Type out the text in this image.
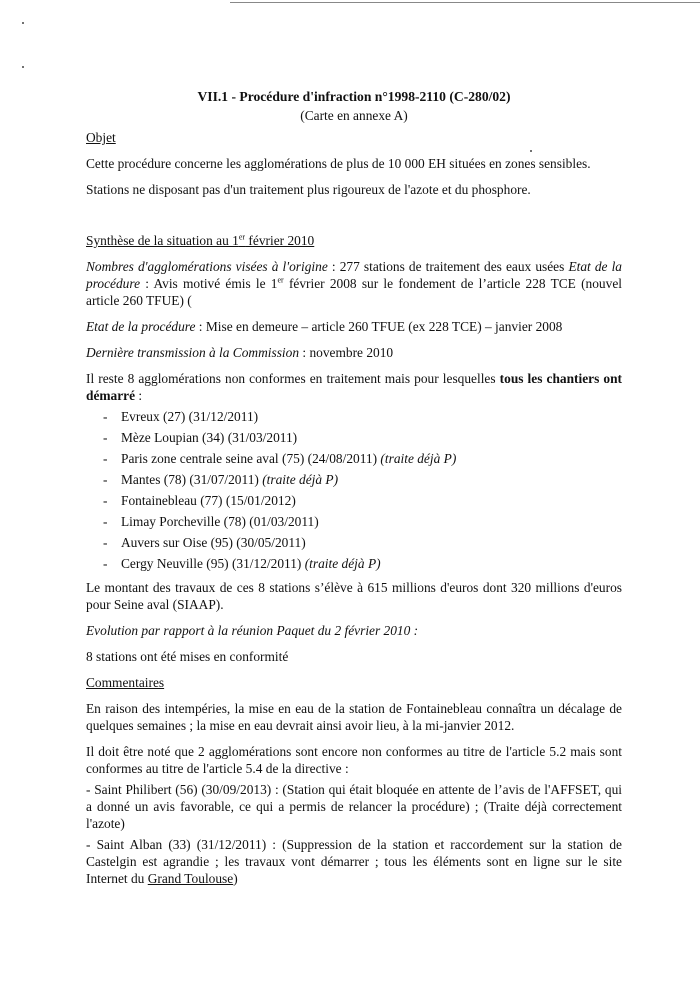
VII.1 - Procédure d'infraction n°1998-2110 (C-280/02)
(Carte en annexe A)

Objet

Cette procédure concerne les agglomérations de plus de 10 000 EH situées en zones sensibles.

Stations ne disposant pas d'un traitement plus rigoureux de l'azote et du phosphore.

Synthèse de la situation au 1er février 2010

Nombres d'agglomérations visées à l'origine : 277 stations de traitement des eaux usées Etat de la procédure : Avis motivé émis le 1er février 2008 sur le fondement de l’article 228 TCE (nouvel article 260 TFUE) (

Etat de la procédure : Mise en demeure – article 260 TFUE (ex 228 TCE) – janvier 2008

Dernière transmission à la Commission : novembre 2010

Il reste 8 agglomérations non conformes en traitement mais pour lesquelles tous les chantiers ont démarré :

- Evreux (27) (31/12/2011)
- Mèze Loupian (34) (31/03/2011)
- Paris zone centrale seine aval (75) (24/08/2011) (traite déjà P)
- Mantes (78) (31/07/2011) (traite déjà P)
- Fontainebleau (77) (15/01/2012)
- Limay Porcheville (78) (01/03/2011)
- Auvers sur Oise (95) (30/05/2011)
- Cergy Neuville (95) (31/12/2011) (traite déjà P)

Le montant des travaux de ces 8 stations s’élève à 615 millions d'euros dont 320 millions d'euros pour Seine aval (SIAAP).

Evolution par rapport à la réunion Paquet du 2 février 2010 :

8 stations ont été mises en conformité

Commentaires

En raison des intempéries, la mise en eau de la station de Fontainebleau connaîtra un décalage de quelques semaines ; la mise en eau devrait ainsi avoir lieu, à la mi-janvier 2012.

Il doit être noté que 2 agglomérations sont encore non conformes au titre de l'article 5.2 mais sont conformes au titre de l'article 5.4 de la directive :

- Saint Philibert (56) (30/09/2013) : (Station qui était bloquée en attente de l’avis de l'AFFSET, qui a donné un avis favorable, ce qui a permis de relancer la procédure) ; (Traite déjà correctement l'azote)

- Saint Alban (33) (31/12/2011) : (Suppression de la station et raccordement sur la station de Castelgin est agrandie ; les travaux vont démarrer ; tous les éléments sont en ligne sur le site Internet du Grand Toulouse)
